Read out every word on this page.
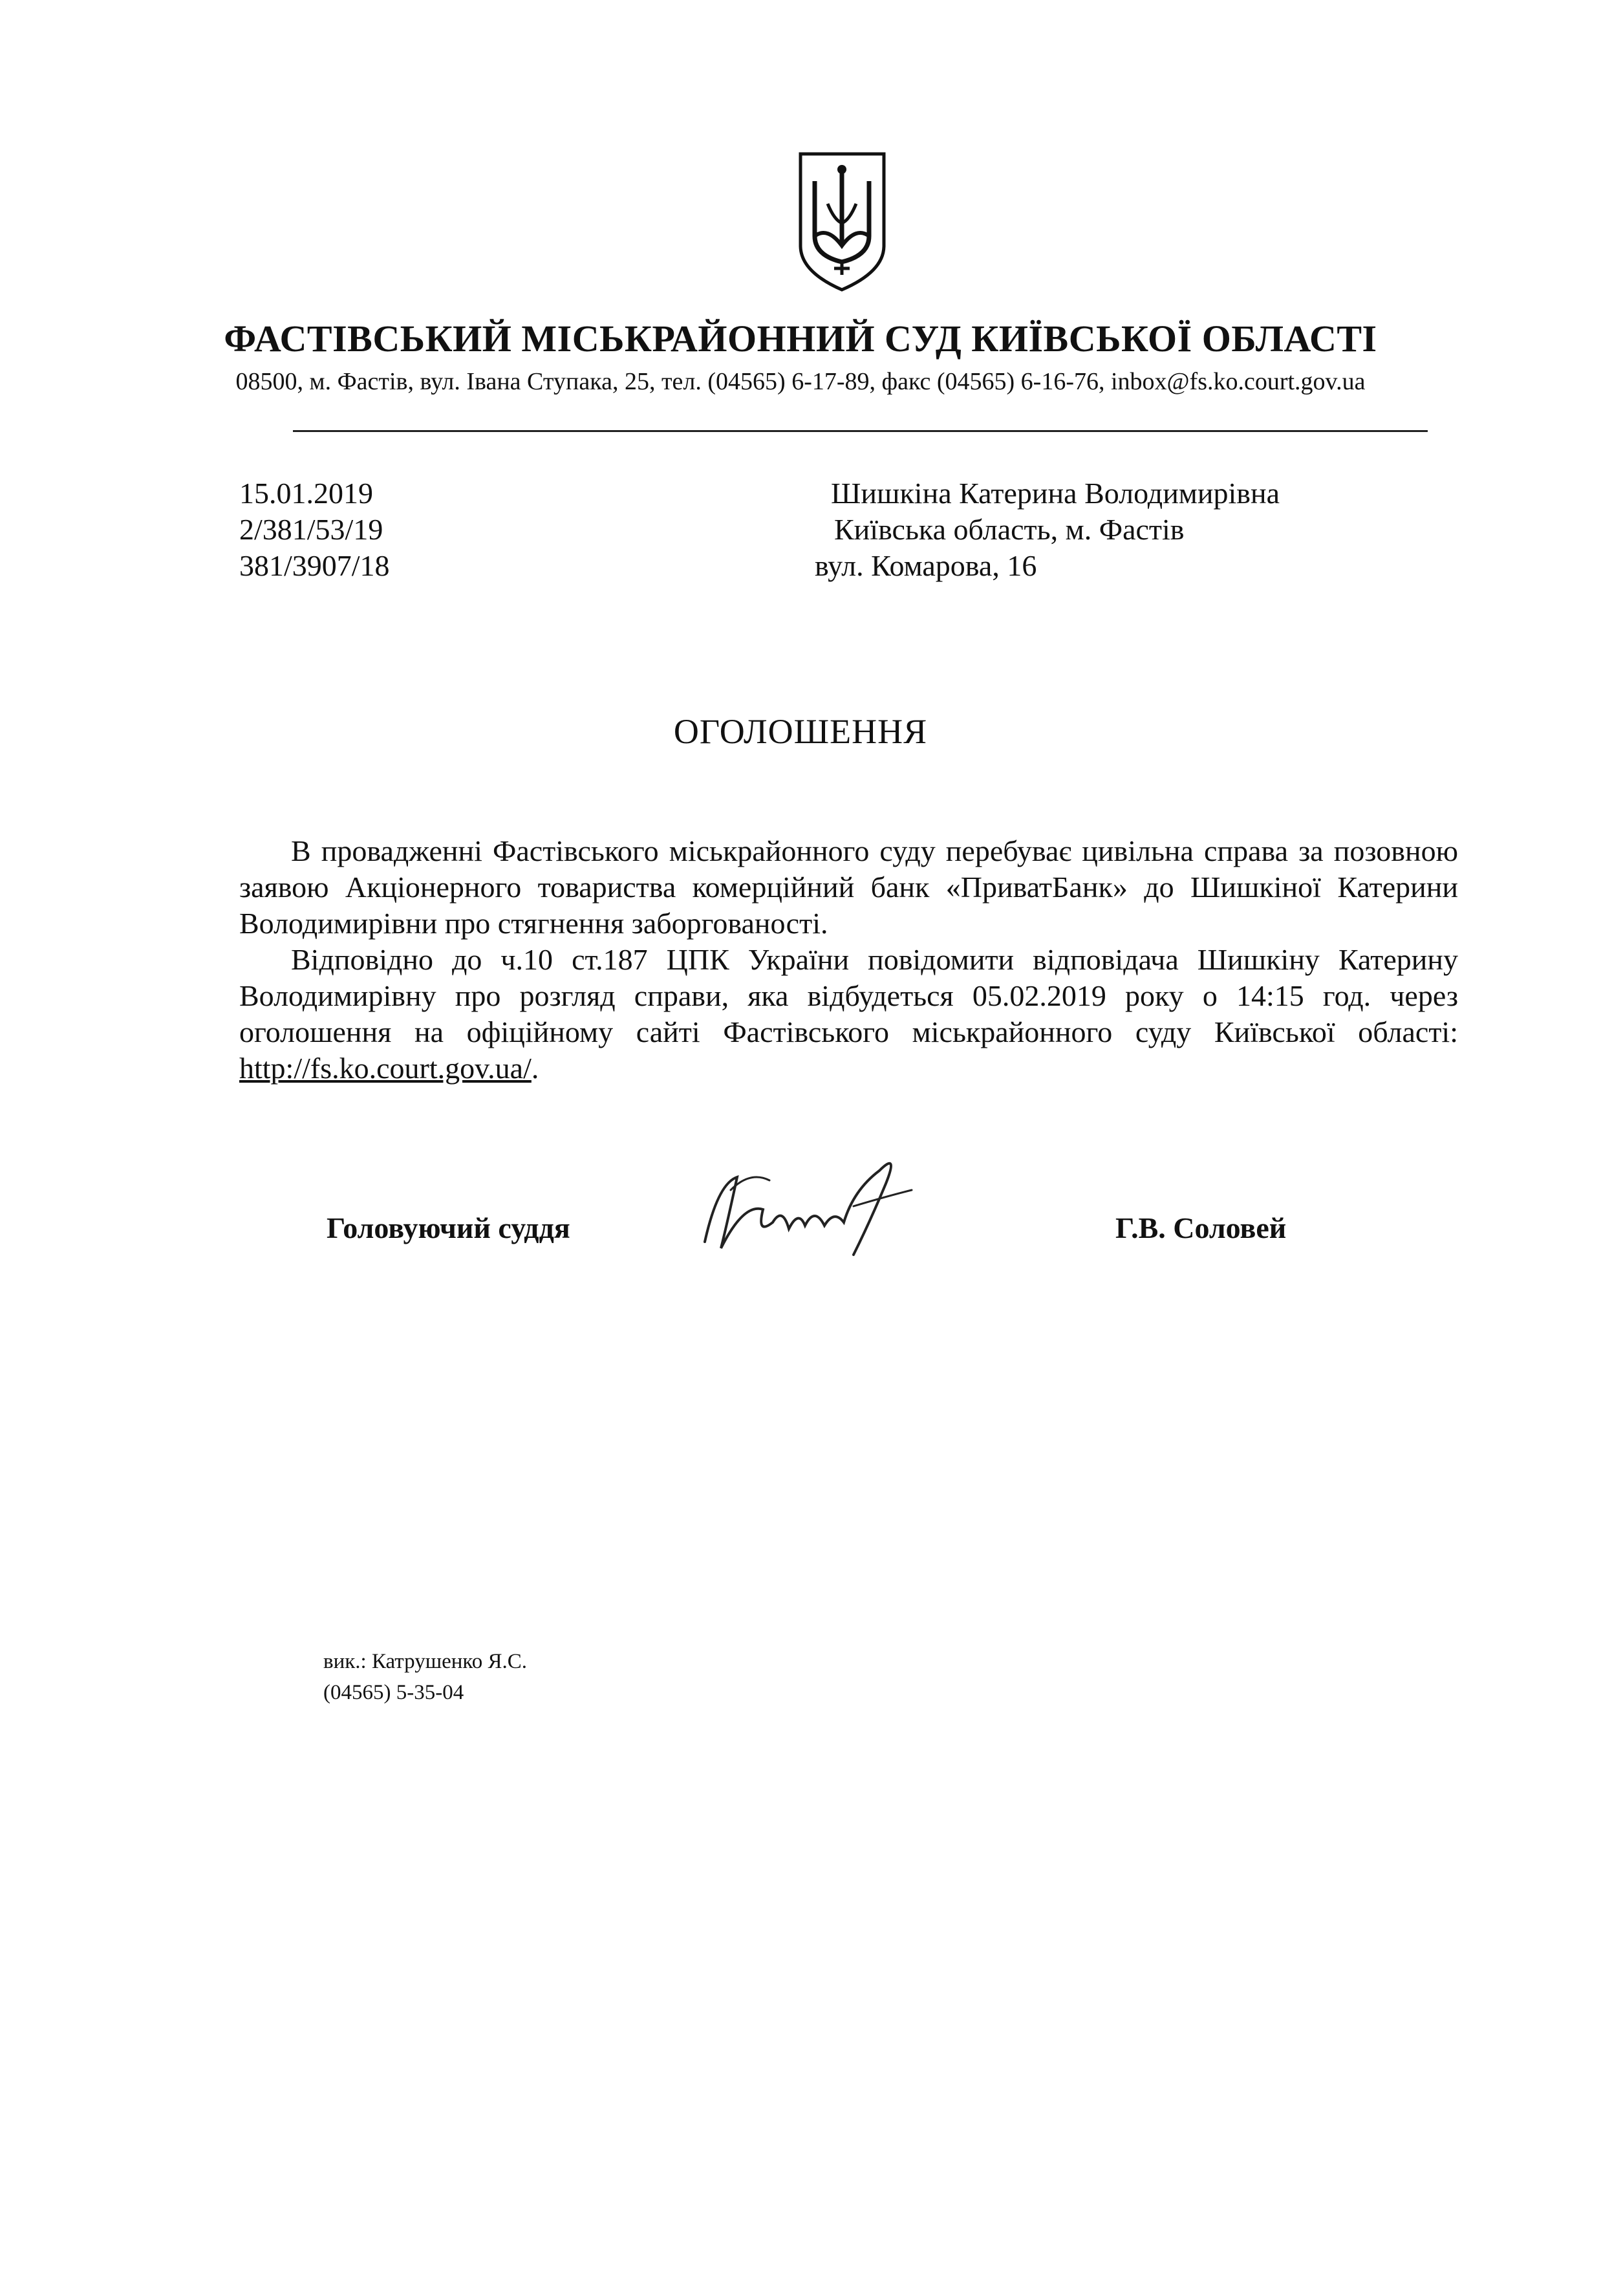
ФАСТІВСЬКИЙ МІСЬКРАЙОННИЙ СУД КИЇВСЬКОЇ ОБЛАСТІ
08500, м. Фастів, вул. Івана Ступака, 25, тел. (04565) 6-17-89, факс (04565) 6-16-76, inbox@fs.ko.court.gov.ua
15.01.2019
2/381/53/19
381/3907/18
Шишкіна Катерина Володимирівна
Київська область, м. Фастів
вул. Комарова, 16
ОГОЛОШЕННЯ

В провадженні Фастівського міськрайонного суду перебуває цивільна справа за позовною заявою Акціонерного товариства комерційний банк «ПриватБанк» до Шишкіної Катерини Володимирівни про стягнення заборгованості.

Відповідно до ч.10 ст.187 ЦПК України повідомити відповідача Шишкіну Катерину Володимирівну про розгляд справи, яка відбудеться 05.02.2019 року о 14:15 год. через оголошення на офіційному сайті Фастівського міськрайонного суду Київської області: http://fs.ko.court.gov.ua/.

Головуючий суддя	Г.В. Соловей
вик.: Катрушенко Я.С.
(04565) 5-35-04
